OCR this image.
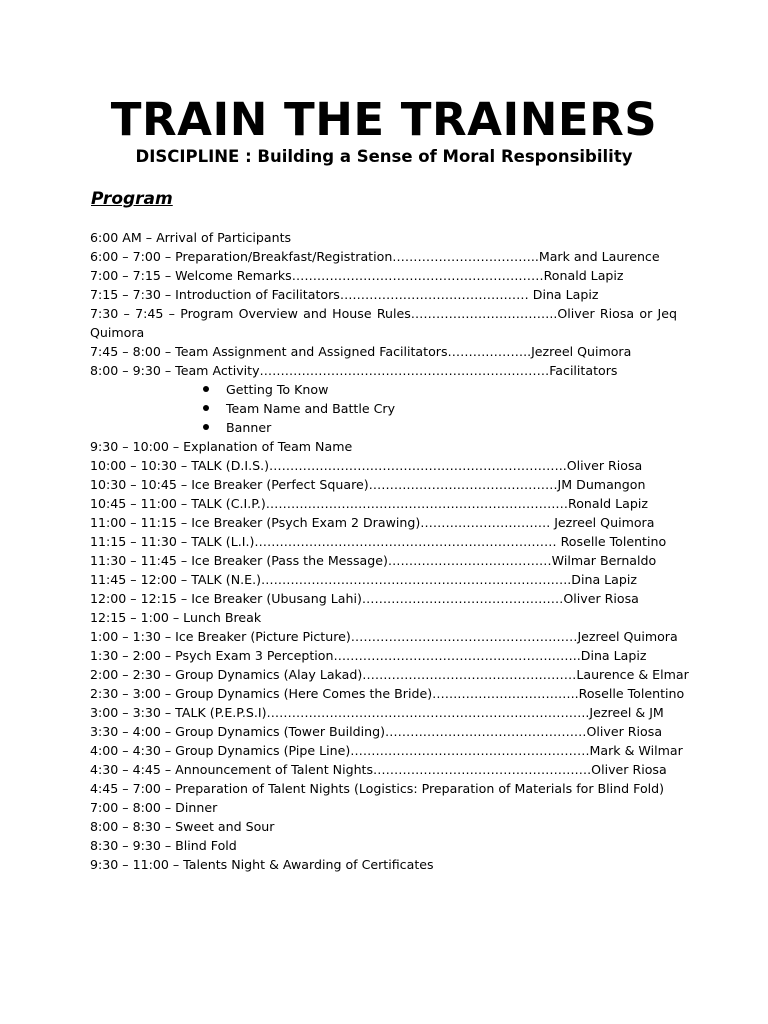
TRAIN THE TRAINERS
DISCIPLINE : Building a Sense of Moral Responsibility
Program
6:00 AM – Arrival of Participants
6:00 – 7:00 – Preparation/Breakfast/Registration……………………………..Mark and Laurence
7:00 – 7:15 – Welcome Remarks……………………………………………………Ronald Lapiz
7:15 – 7:30 – Introduction of Facilitators……………………………………… Dina Lapiz
7:30 – 7:45 – Program Overview and House Rules……………………………..Oliver Riosa or Jeq Quimora
7:45 – 8:00 – Team Assignment and Assigned Facilitators………………..Jezreel Quimora
8:00 – 9:30 – Team Activity……………………………………………………………Facilitators
Getting To Know
Team Name and Battle Cry
Banner
9:30 – 10:00 – Explanation of Team Name
10:00 – 10:30 – TALK (D.I.S.)……………………………………………………………..Oliver Riosa
10:30 – 10:45 – Ice Breaker (Perfect Square)………………………………………JM Dumangon
10:45 – 11:00 – TALK (C.I.P.)………………………………………………………………Ronald Lapiz
11:00 – 11:15 – Ice Breaker (Psych Exam 2 Drawing)…………………………. Jezreel Quimora
11:15 – 11:30 – TALK (L.I.)……………………………………………………………… Roselle Tolentino
11:30 – 11:45 – Ice Breaker (Pass the Message)…………………………………Wilmar Bernaldo
11:45 – 12:00 – TALK (N.E.)………………………………………………………………..Dina Lapiz
12:00 – 12:15 – Ice Breaker (Ubusang Lahi)…………………………………………Oliver Riosa
12:15 – 1:00 – Lunch Break
1:00 – 1:30 – Ice Breaker (Picture Picture)………………………………………………Jezreel Quimora
1:30 – 2:00 – Psych Exam 3 Perception…………………………………………………..Dina Lapiz
2:00 – 2:30 – Group Dynamics (Alay Lakad)……………………………………………Laurence & Elmar
2:30 – 3:00 – Group Dynamics (Here Comes the Bride)……………………………..Roselle Tolentino
3:00 – 3:30 – TALK (P.E.P.S.I)…………………………………………………………………..Jezreel & JM
3:30 – 4:00 – Group Dynamics (Tower Building)…………………………………………Oliver Riosa
4:00 – 4:30 – Group Dynamics (Pipe Line)…………………………………………………Mark & Wilmar
4:30 – 4:45 – Announcement of Talent Nights…………………………………………….Oliver Riosa
4:45 – 7:00 – Preparation of Talent Nights (Logistics: Preparation of Materials for Blind Fold)
7:00 – 8:00 – Dinner
8:00 – 8:30 – Sweet and Sour
8:30 – 9:30 – Blind Fold
9:30 – 11:00 – Talents Night & Awarding of Certificates
